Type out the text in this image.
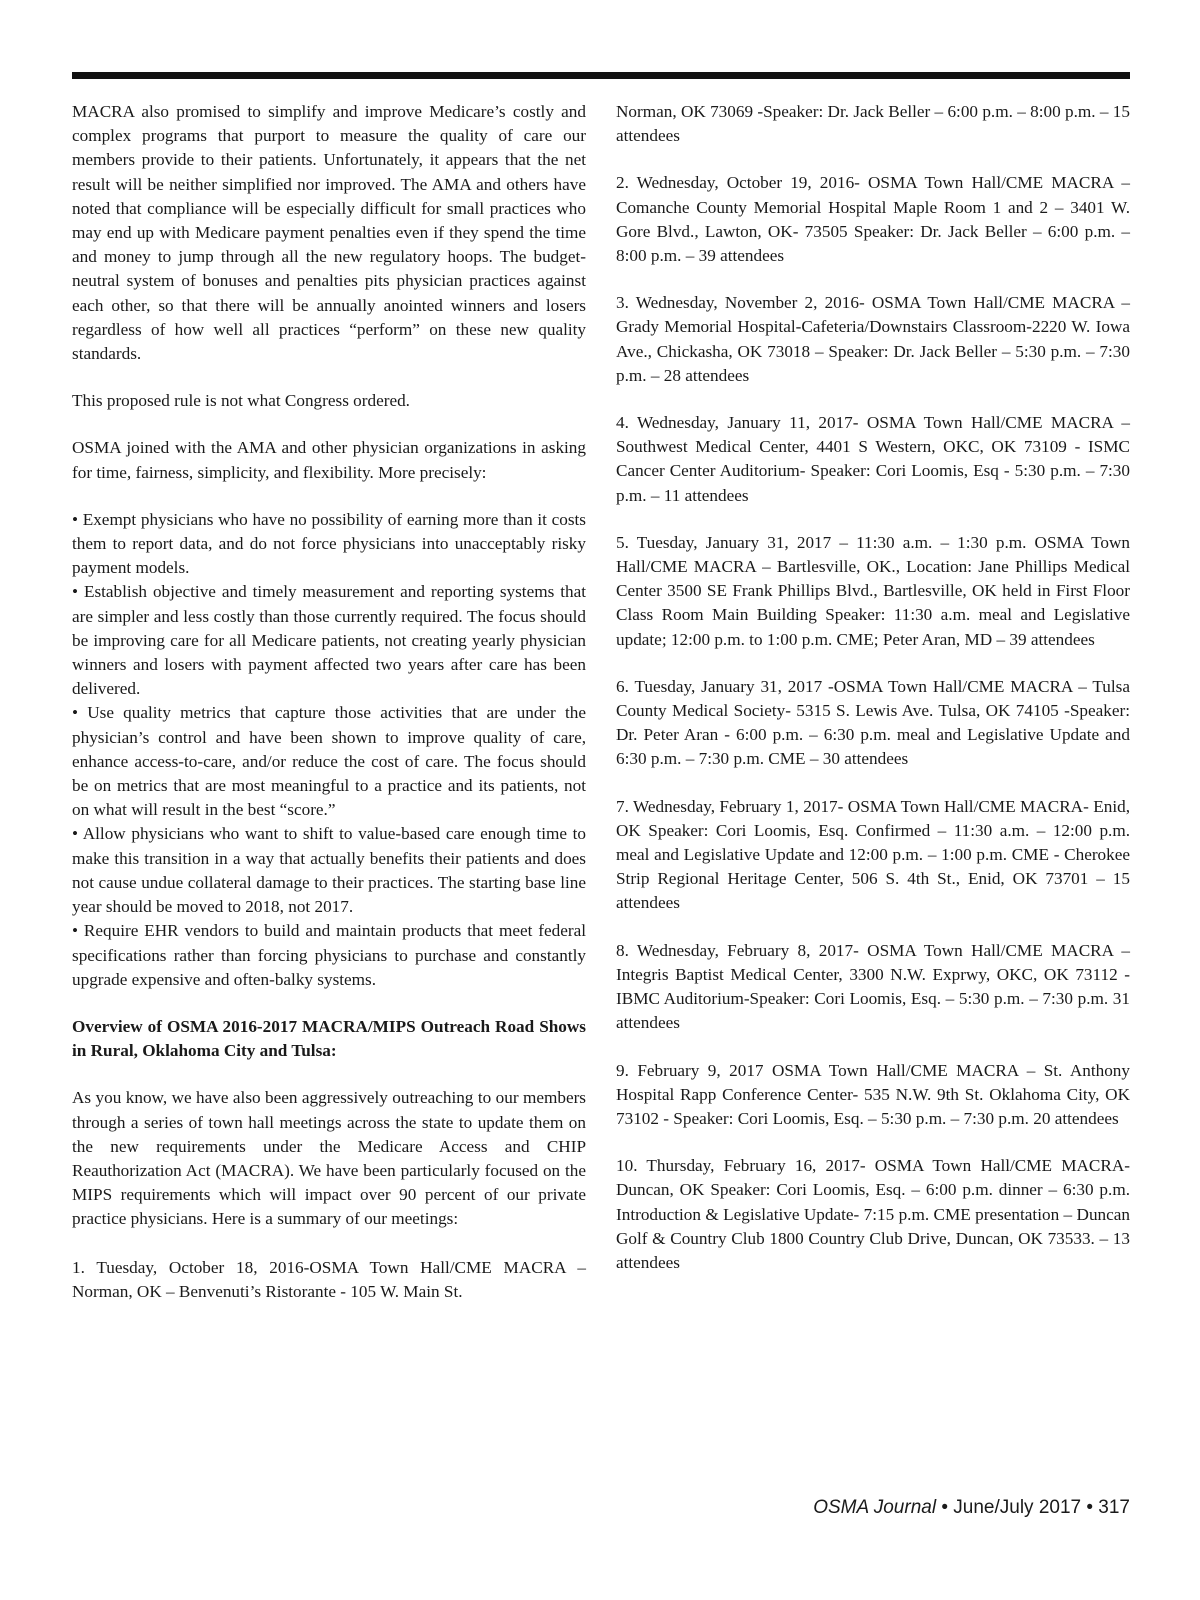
MACRA also promised to simplify and improve Medicare’s costly and complex programs that purport to measure the quality of care our members provide to their patients. Unfortunately, it appears that the net result will be neither simplified nor improved. The AMA and others have noted that compliance will be especially difficult for small practices who may end up with Medicare payment penalties even if they spend the time and money to jump through all the new regulatory hoops. The budget-neutral system of bonuses and penalties pits physician practices against each other, so that there will be annually anointed winners and losers regardless of how well all practices “perform” on these new quality standards.

This proposed rule is not what Congress ordered.

OSMA joined with the AMA and other physician organizations in asking for time, fairness, simplicity, and flexibility. More precisely:

• Exempt physicians who have no possibility of earning more than it costs them to report data, and do not force physicians into unacceptably risky payment models.

• Establish objective and timely measurement and reporting systems that are simpler and less costly than those currently required. The focus should be improving care for all Medicare patients, not creating yearly physician winners and losers with payment affected two years after care has been delivered.

• Use quality metrics that capture those activities that are under the physician’s control and have been shown to improve quality of care, enhance access-to-care, and/or reduce the cost of care. The focus should be on metrics that are most meaningful to a practice and its patients, not on what will result in the best “score.”

• Allow physicians who want to shift to value-based care enough time to make this transition in a way that actually benefits their patients and does not cause undue collateral damage to their practices. The starting base line year should be moved to 2018, not 2017.

• Require EHR vendors to build and maintain products that meet federal specifications rather than forcing physicians to purchase and constantly upgrade expensive and often-balky systems.

Overview of OSMA 2016-2017 MACRA/MIPS Outreach Road Shows in Rural, Oklahoma City and Tulsa:

As you know, we have also been aggressively outreaching to our members through a series of town hall meetings across the state to update them on the new requirements under the Medicare Access and CHIP Reauthorization Act (MACRA). We have been particularly focused on the MIPS requirements which will impact over 90 percent of our private practice physicians. Here is a summary of our meetings:

1. Tuesday, October 18, 2016-OSMA Town Hall/CME MACRA – Norman, OK – Benvenuti’s Ristorante - 105 W. Main St.

Norman, OK 73069 -Speaker: Dr. Jack Beller – 6:00 p.m. – 8:00 p.m. – 15 attendees

2. Wednesday, October 19, 2016- OSMA Town Hall/CME MACRA – Comanche County Memorial Hospital Maple Room 1 and 2 – 3401 W. Gore Blvd., Lawton, OK- 73505 Speaker: Dr. Jack Beller – 6:00 p.m. – 8:00 p.m. – 39 attendees

3. Wednesday, November 2, 2016- OSMA Town Hall/CME MACRA – Grady Memorial Hospital-Cafeteria/Downstairs Classroom-2220 W. Iowa Ave., Chickasha, OK 73018 – Speaker: Dr. Jack Beller – 5:30 p.m. – 7:30 p.m. – 28 attendees

4. Wednesday, January 11, 2017- OSMA Town Hall/CME MACRA – Southwest Medical Center, 4401 S Western, OKC, OK 73109 - ISMC Cancer Center Auditorium- Speaker: Cori Loomis, Esq - 5:30 p.m. – 7:30 p.m. – 11 attendees

5. Tuesday, January 31, 2017 – 11:30 a.m. – 1:30 p.m. OSMA Town Hall/CME MACRA – Bartlesville, OK., Location: Jane Phillips Medical Center 3500 SE Frank Phillips Blvd., Bartlesville, OK held in First Floor Class Room Main Building Speaker: 11:30 a.m. meal and Legislative update; 12:00 p.m. to 1:00 p.m. CME; Peter Aran, MD – 39 attendees

6. Tuesday, January 31, 2017 -OSMA Town Hall/CME MACRA – Tulsa County Medical Society- 5315 S. Lewis Ave. Tulsa, OK 74105 -Speaker: Dr. Peter Aran - 6:00 p.m. – 6:30 p.m. meal and Legislative Update and 6:30 p.m. – 7:30 p.m. CME – 30 attendees

7. Wednesday, February 1, 2017- OSMA Town Hall/CME MACRA- Enid, OK Speaker: Cori Loomis, Esq. Confirmed – 11:30 a.m. – 12:00 p.m. meal and Legislative Update and 12:00 p.m. – 1:00 p.m. CME - Cherokee Strip Regional Heritage Center, 506 S. 4th St., Enid, OK 73701 – 15 attendees

8. Wednesday, February 8, 2017- OSMA Town Hall/CME MACRA – Integris Baptist Medical Center, 3300 N.W. Exprwy, OKC, OK 73112 - IBMC Auditorium-Speaker: Cori Loomis, Esq. – 5:30 p.m. – 7:30 p.m. 31 attendees

9. February 9, 2017 OSMA Town Hall/CME MACRA – St. Anthony Hospital Rapp Conference Center- 535 N.W. 9th St. Oklahoma City, OK 73102 - Speaker: Cori Loomis, Esq. – 5:30 p.m. – 7:30 p.m. 20 attendees

10. Thursday, February 16, 2017- OSMA Town Hall/CME MACRA- Duncan, OK Speaker: Cori Loomis, Esq. – 6:00 p.m. dinner – 6:30 p.m. Introduction & Legislative Update- 7:15 p.m. CME presentation – Duncan Golf & Country Club 1800 Country Club Drive, Duncan, OK 73533. – 13 attendees

OSMA Journal • June/July 2017 • 317
